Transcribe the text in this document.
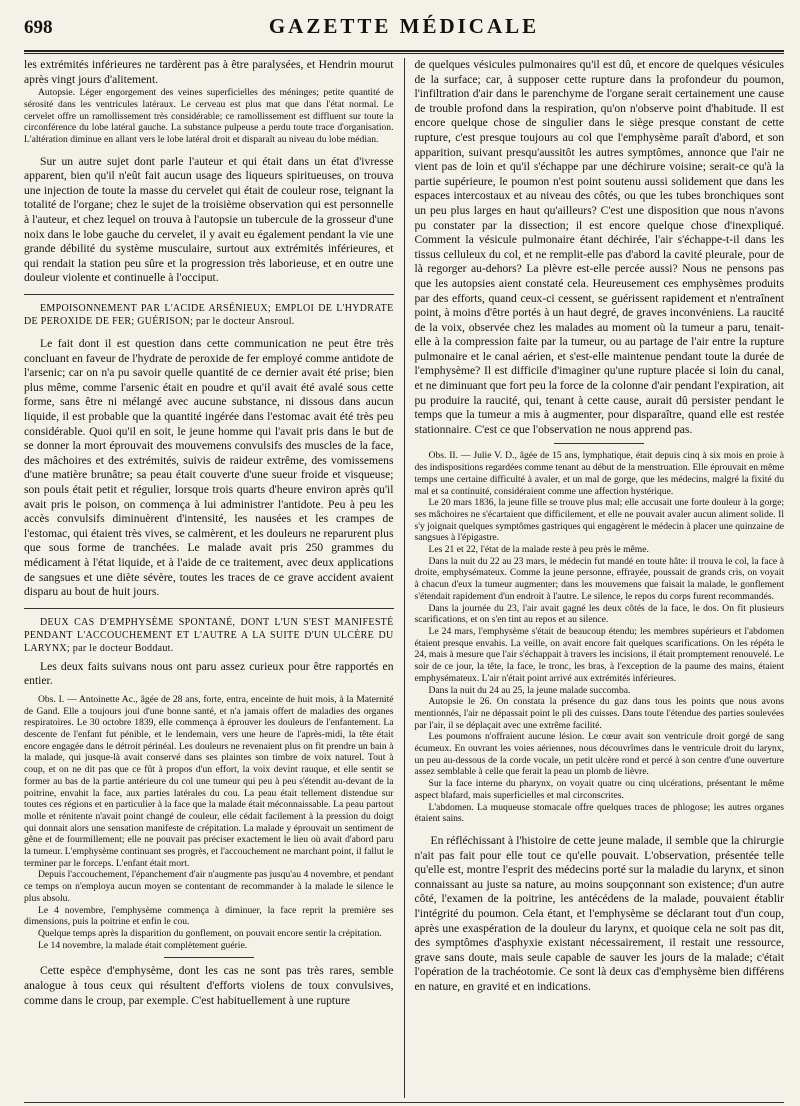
698	GAZETTE MÉDICALE

les extrémités inférieures ne tardèrent pas à être paralysées, et Hendrin mourut après vingt jours d'alitement.

Autopsie. Léger engorgement des veines superficielles des méninges; petite quantité de sérosité dans les ventricules latéraux. Le cerveau est plus mat que dans l'état normal. Le cervelet offre un ramollissement très considérable; ce ramollissement est diffluent sur toute la circonférence du lobe latéral gauche. La substance pulpeuse a perdu toute trace d'organisation. L'altération diminue en allant vers le lobe latéral droit et disparaît au niveau du lobe médian.

Sur un autre sujet dont parle l'auteur et qui était dans un état d'ivresse apparent, bien qu'il n'eût fait aucun usage des liqueurs spiritueuses, on trouva une injection de toute la masse du cervelet qui était de couleur rose, teignant la totalité de l'organe; chez le sujet de la troisième observation qui est personnelle à l'auteur, et chez lequel on trouva à l'autopsie un tubercule de la grosseur d'une noix dans le lobe gauche du cervelet, il y avait eu également pendant la vie une grande débilité du système musculaire, surtout aux extrémités inférieures, et qui rendait la station peu sûre et la progression très laborieuse, et en outre une douleur violente et continuelle à l'occiput.

EMPOISONNEMENT PAR L'ACIDE ARSÉNIEUX; EMPLOI DE L'HYDRATE DE PEROXIDE DE FER; GUÉRISON; par le docteur Ansroul.

Le fait dont il est question dans cette communication ne peut être très concluant en faveur de l'hydrate de peroxide de fer employé comme antidote de l'arsenic; car on n'a pu savoir quelle quantité de ce dernier avait été prise; bien plus même, comme l'arsenic était en poudre et qu'il avait été avalé sous cette forme, sans être ni mélangé avec aucune substance, ni dissous dans aucun liquide, il est probable que la quantité ingérée dans l'estomac avait été très peu considérable. Quoi qu'il en soit, le jeune homme qui l'avait pris dans le but de se donner la mort éprouvait des mouvemens convulsifs des muscles de la face, des mâchoires et des extrémités, suivis de raideur extrême, des vomissemens d'une matière brunâtre; sa peau était couverte d'une sueur froide et visqueuse; son pouls était petit et régulier, lorsque trois quarts d'heure environ après qu'il avait pris le poison, on commença à lui administrer l'antidote. Peu à peu les accès convulsifs diminuèrent d'intensité, les nausées et les crampes de l'estomac, qui étaient très vives, se calmèrent, et les douleurs ne reparurent plus que sous forme de tranchées. Le malade avait pris 250 grammes du médicament à l'état liquide, et à l'aide de ce traitement, avec deux applications de sangsues et une diète sévère, toutes les traces de ce grave accident avaient disparu au bout de huit jours.

DEUX CAS D'EMPHYSÈME SPONTANÉ, DONT L'UN S'EST MANIFESTÉ PENDANT L'ACCOUCHEMENT ET L'AUTRE A LA SUITE D'UN ULCÈRE DU LARYNX; par le docteur Boddaut.

Les deux faits suivans nous ont paru assez curieux pour être rapportés en entier.

Obs. I. — Antoinette Ac., âgée de 28 ans, forte, entra, enceinte de huit mois, à la Maternité de Gand. Elle a toujours joui d'une bonne santé, et n'a jamais offert de maladies des organes respiratoires. Le 30 octobre 1839, elle commença à éprouver les douleurs de l'enfantement. La descente de l'enfant fut pénible, et le lendemain, vers une heure de l'après-midi, la tête était encore engagée dans le détroit périnéal. Les douleurs ne revenaient plus on fit prendre un bain à la malade, qui jusque-là avait conservé dans ses plaintes son timbre de voix naturel. Tout à coup, et on ne dit pas que ce fût à propos d'un effort, la voix devint rauque, et elle sentit se former au bas de la partie antérieure du col une tumeur qui peu à peu s'étendit au-devant de la poitrine, envahit la face, aux parties latérales du cou. La peau était tellement distendue sur toutes ces régions et en particulier à la face que la malade était méconnaissable. La peau partout molle et rénitente n'avait point changé de couleur, elle cédait facilement à la pression du doigt qui donnait alors une sensation manifeste de crépitation. La malade y éprouvait un sentiment de gêne et de fourmillement; elle ne pouvait pas préciser exactement le lieu où avait d'abord paru la tumeur. L'emphysème continuant ses progrès, et l'accouchement ne marchant point, il fallut le terminer par le forceps. L'enfant était mort.

Depuis l'accouchement, l'épanchement d'air n'augmente pas jusqu'au 4 novembre, et pendant ce temps on n'employa aucun moyen se contentant de recommander à la malade le silence le plus absolu.

Le 4 novembre, l'emphysème commença à diminuer, la face reprit la première ses dimensions, puis la poitrine et enfin le cou.

Quelque temps après la disparition du gonflement, on pouvait encore sentir la crépitation.

Le 14 novembre, la malade était complètement guérie.

Cette espèce d'emphysème, dont les cas ne sont pas très rares, semble analogue à tous ceux qui résultent d'efforts violens de toux convulsives, comme dans le croup, par exemple. C'est habituellement à une rupture

de quelques vésicules pulmonaires qu'il est dû, et encore de quelques vésicules de la surface; car, à supposer cette rupture dans la profondeur du poumon, l'infiltration d'air dans le parenchyme de l'organe serait certainement une cause de trouble profond dans la respiration, qu'on n'observe point d'habitude. Il est encore quelque chose de singulier dans le siège presque constant de cette rupture, c'est presque toujours au col que l'emphysème paraît d'abord, et son apparition, suivant presqu'aussitôt les autres symptômes, annonce que l'air ne vient pas de loin et qu'il s'échappe par une déchirure voisine; serait-ce qu'à la partie supérieure, le poumon n'est point soutenu aussi solidement que dans les espaces intercostaux et au niveau des côtés, ou que les tubes bronchiques sont un peu plus larges en haut qu'ailleurs? C'est une disposition que nous n'avons pu constater par la dissection; il est encore quelque chose d'inexpliqué. Comment la vésicule pulmonaire étant déchirée, l'air s'échappe-t-il dans les tissus celluleux du col, et ne remplit-elle pas d'abord la cavité pleurale, pour de là regorger au-dehors? La plèvre est-elle percée aussi? Nous ne pensons pas que les autopsies aient constaté cela. Heureusement ces emphysèmes produits par des efforts, quand ceux-ci cessent, se guérissent rapidement et n'entraînent point, à moins d'être portés à un haut degré, de graves inconvéniens. La raucité de la voix, observée chez les malades au moment où la tumeur a paru, tenait-elle à la compression faite par la tumeur, ou au partage de l'air entre la rupture pulmonaire et le canal aérien, et s'est-elle maintenue pendant toute la durée de l'emphysème? Il est difficile d'imaginer qu'une rupture placée si loin du canal, et ne diminuant que fort peu la force de la colonne d'air pendant l'expiration, ait pu produire la raucité, qui, tenant à cette cause, aurait dû persister pendant le temps que la tumeur a mis à augmenter, pour disparaître, quand elle est restée stationnaire. C'est ce que l'observation ne nous apprend pas.

Obs. II. — Julie V. D., âgée de 15 ans, lymphatique, était depuis cinq à six mois en proie à des indispositions regardées comme tenant au début de la menstruation. Elle éprouvait en même temps une certaine difficulté à avaler, et un mal de gorge, que les médecins, malgré la fixité du mal et sa continuité, considéraient comme une affection hystérique.

Le 20 mars 1836, la jeune fille se trouve plus mal; elle accusait une forte douleur à la gorge; ses mâchoires ne s'écartaient que difficilement, et elle ne pouvait avaler aucun aliment solide. Il s'y joignait quelques symptômes gastriques qui engagèrent le médecin à placer une quinzaine de sangsues à l'épigastre.

Les 21 et 22, l'état de la malade reste à peu près le même.

Dans la nuit du 22 au 23 mars, le médecin fut mandé en toute hâte: il trouva le col, la face à droite, emphysémateux. Comme la jeune personne, effrayée, poussait de grands cris, on voyait à chacun d'eux la tumeur augmenter; dans les mouvemens que faisait la malade, le gonflement s'étendait rapidement d'un endroit à l'autre. Le silence, le repos du corps furent recommandés.

Dans la journée du 23, l'air avait gagné les deux côtés de la face, le dos. On fit plusieurs scarifications, et on s'en tint au repos et au silence.

Le 24 mars, l'emphysème s'était de beaucoup étendu; les membres supérieurs et l'abdomen étaient presque envahis. La veille, on avait encore fait quelques scarifications. On les répéta le 24, mais à mesure que l'air s'échappait à travers les incisions, il était promptement renouvelé. Le soir de ce jour, la tête, la face, le tronc, les bras, à l'exception de la paume des mains, étaient emphysémateux. L'air n'était point arrivé aux extrémités inférieures.

Dans la nuit du 24 au 25, la jeune malade succomba.

Autopsie le 26. On constata la présence du gaz dans tous les points que nous avons mentionnés, l'air ne dépassait point le pli des cuisses. Dans toute l'étendue des parties soulevées par l'air, il se déplaçait avec une extrême facilité.

Les poumons n'offraient aucune lésion. Le cœur avait son ventricule droit gorgé de sang écumeux. En ouvrant les voies aériennes, nous découvrîmes dans le ventricule droit du larynx, un peu au-dessous de la corde vocale, un petit ulcère rond et percé à son centre d'une ouverture assez semblable à celle que ferait la peau un plomb de lièvre.

Sur la face interne du pharynx, on voyait quatre ou cinq ulcérations, présentant le même aspect blafard, mais superficielles et mal circonscrites.

L'abdomen. La muqueuse stomacale offre quelques traces de phlogose; les autres organes étaient sains.

En réfléchissant à l'histoire de cette jeune malade, il semble que la chirurgie n'ait pas fait pour elle tout ce qu'elle pouvait. L'observation, présentée telle qu'elle est, montre l'esprit des médecins porté sur la maladie du larynx, et sinon connaissant au juste sa nature, au moins soupçonnant son existence; d'un autre côté, l'examen de la poitrine, les antécédens de la malade, pouvaient établir l'intégrité du poumon. Cela étant, et l'emphysème se déclarant tout d'un coup, après une exaspération de la douleur du larynx, et quoique cela ne soit pas dit, des symptômes d'asphyxie existant nécessairement, il restait une ressource, grave sans doute, mais seule capable de sauver les jours de la malade; c'était l'opération de la trachéotomie. Ce sont là deux cas d'emphysème bien différens en nature, en gravité et en indications.
